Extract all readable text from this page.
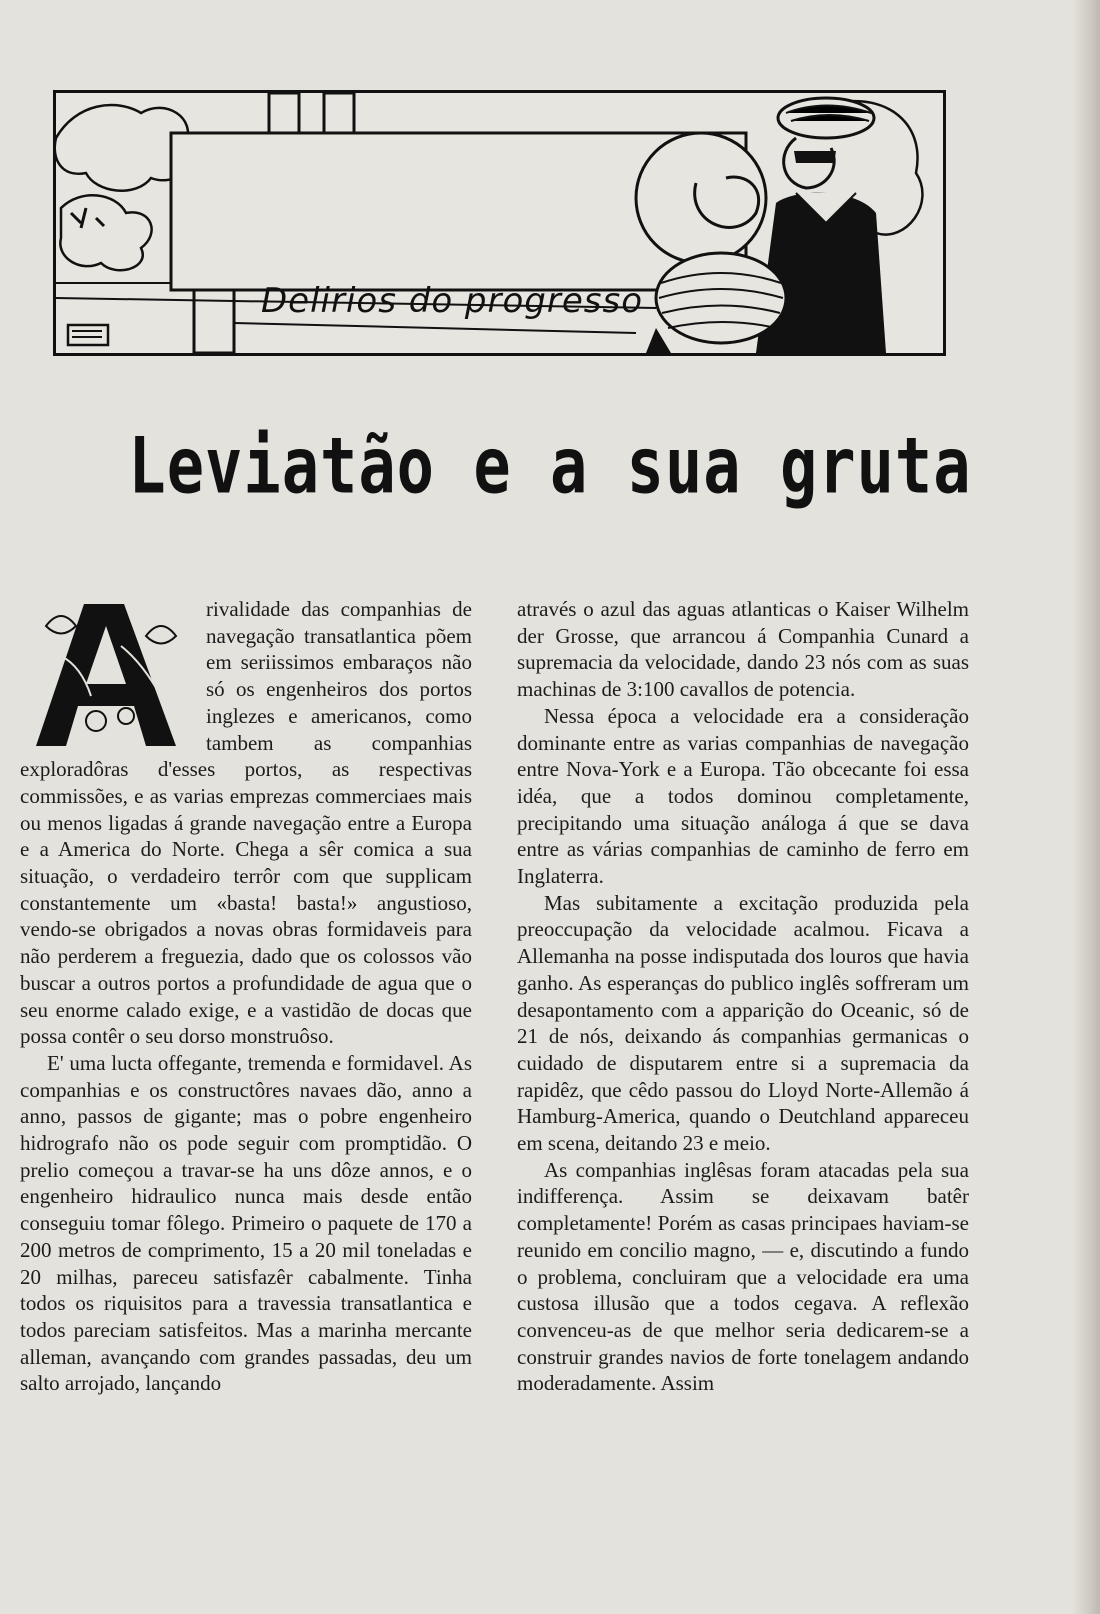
Delirios do progresso
Leviatão e a sua gruta

rivalidade das companhias de navegação transatlantica põem em seriissimos embaraços não só os engenheiros dos portos inglezes e americanos, como tambem as companhias exploradôras d'esses portos, as respectivas commissões, e as varias emprezas commerciaes mais ou menos ligadas á grande navegação entre a Europa e a America do Norte. Chega a sêr comica a sua situação, o verdadeiro terrôr com que supplicam constantemente um «basta! basta!» angustioso, vendo-se obrigados a novas obras formidaveis para não perderem a freguezia, dado que os colossos vão buscar a outros portos a profundidade de agua que o seu enorme calado exige, e a vastidão de docas que possa contêr o seu dorso monstruôso.

E' uma lucta offegante, tremenda e formidavel. As companhias e os constructôres navaes dão, anno a anno, passos de gigante; mas o pobre engenheiro hidrografo não os pode seguir com promptidão. O prelio começou a travar-se ha uns dôze annos, e o engenheiro hidraulico nunca mais desde então conseguiu tomar fôlego. Primeiro o paquete de 170 a 200 metros de comprimento, 15 a 20 mil toneladas e 20 milhas, pareceu satisfazêr cabalmente. Tinha todos os riquisitos para a travessia transatlantica e todos pareciam satisfeitos. Mas a marinha mercante alleman, avançando com grandes passadas, deu um salto arrojado, lançando

através o azul das aguas atlanticas o Kaiser Wilhelm der Grosse, que arrancou á Companhia Cunard a supremacia da velocidade, dando 23 nós com as suas machinas de 3:100 cavallos de potencia.

Nessa época a velocidade era a consideração dominante entre as varias companhias de navegação entre Nova-York e a Europa. Tão obcecante foi essa idéa, que a todos dominou completamente, precipitando uma situação análoga á que se dava entre as várias companhias de caminho de ferro em Inglaterra.

Mas subitamente a excitação produzida pela preoccupação da velocidade acalmou. Ficava a Allemanha na posse indisputada dos louros que havia ganho. As esperanças do publico inglês soffreram um desapontamento com a apparição do Oceanic, só de 21 de nós, deixando ás companhias germanicas o cuidado de disputarem entre si a supremacia da rapidêz, que cêdo passou do Lloyd Norte-Allemão á Hamburg-America, quando o Deutchland appareceu em scena, deitando 23 e meio.

As companhias inglêsas foram atacadas pela sua indifferença. Assim se deixavam batêr completamente! Porém as casas principaes haviam-se reunido em concilio magno, — e, discutindo a fundo o problema, concluiram que a velocidade era uma custosa illusão que a todos cegava. A reflexão convenceu-as de que melhor seria dedicarem-se a construir grandes navios de forte tonelagem andando moderadamente. Assim
